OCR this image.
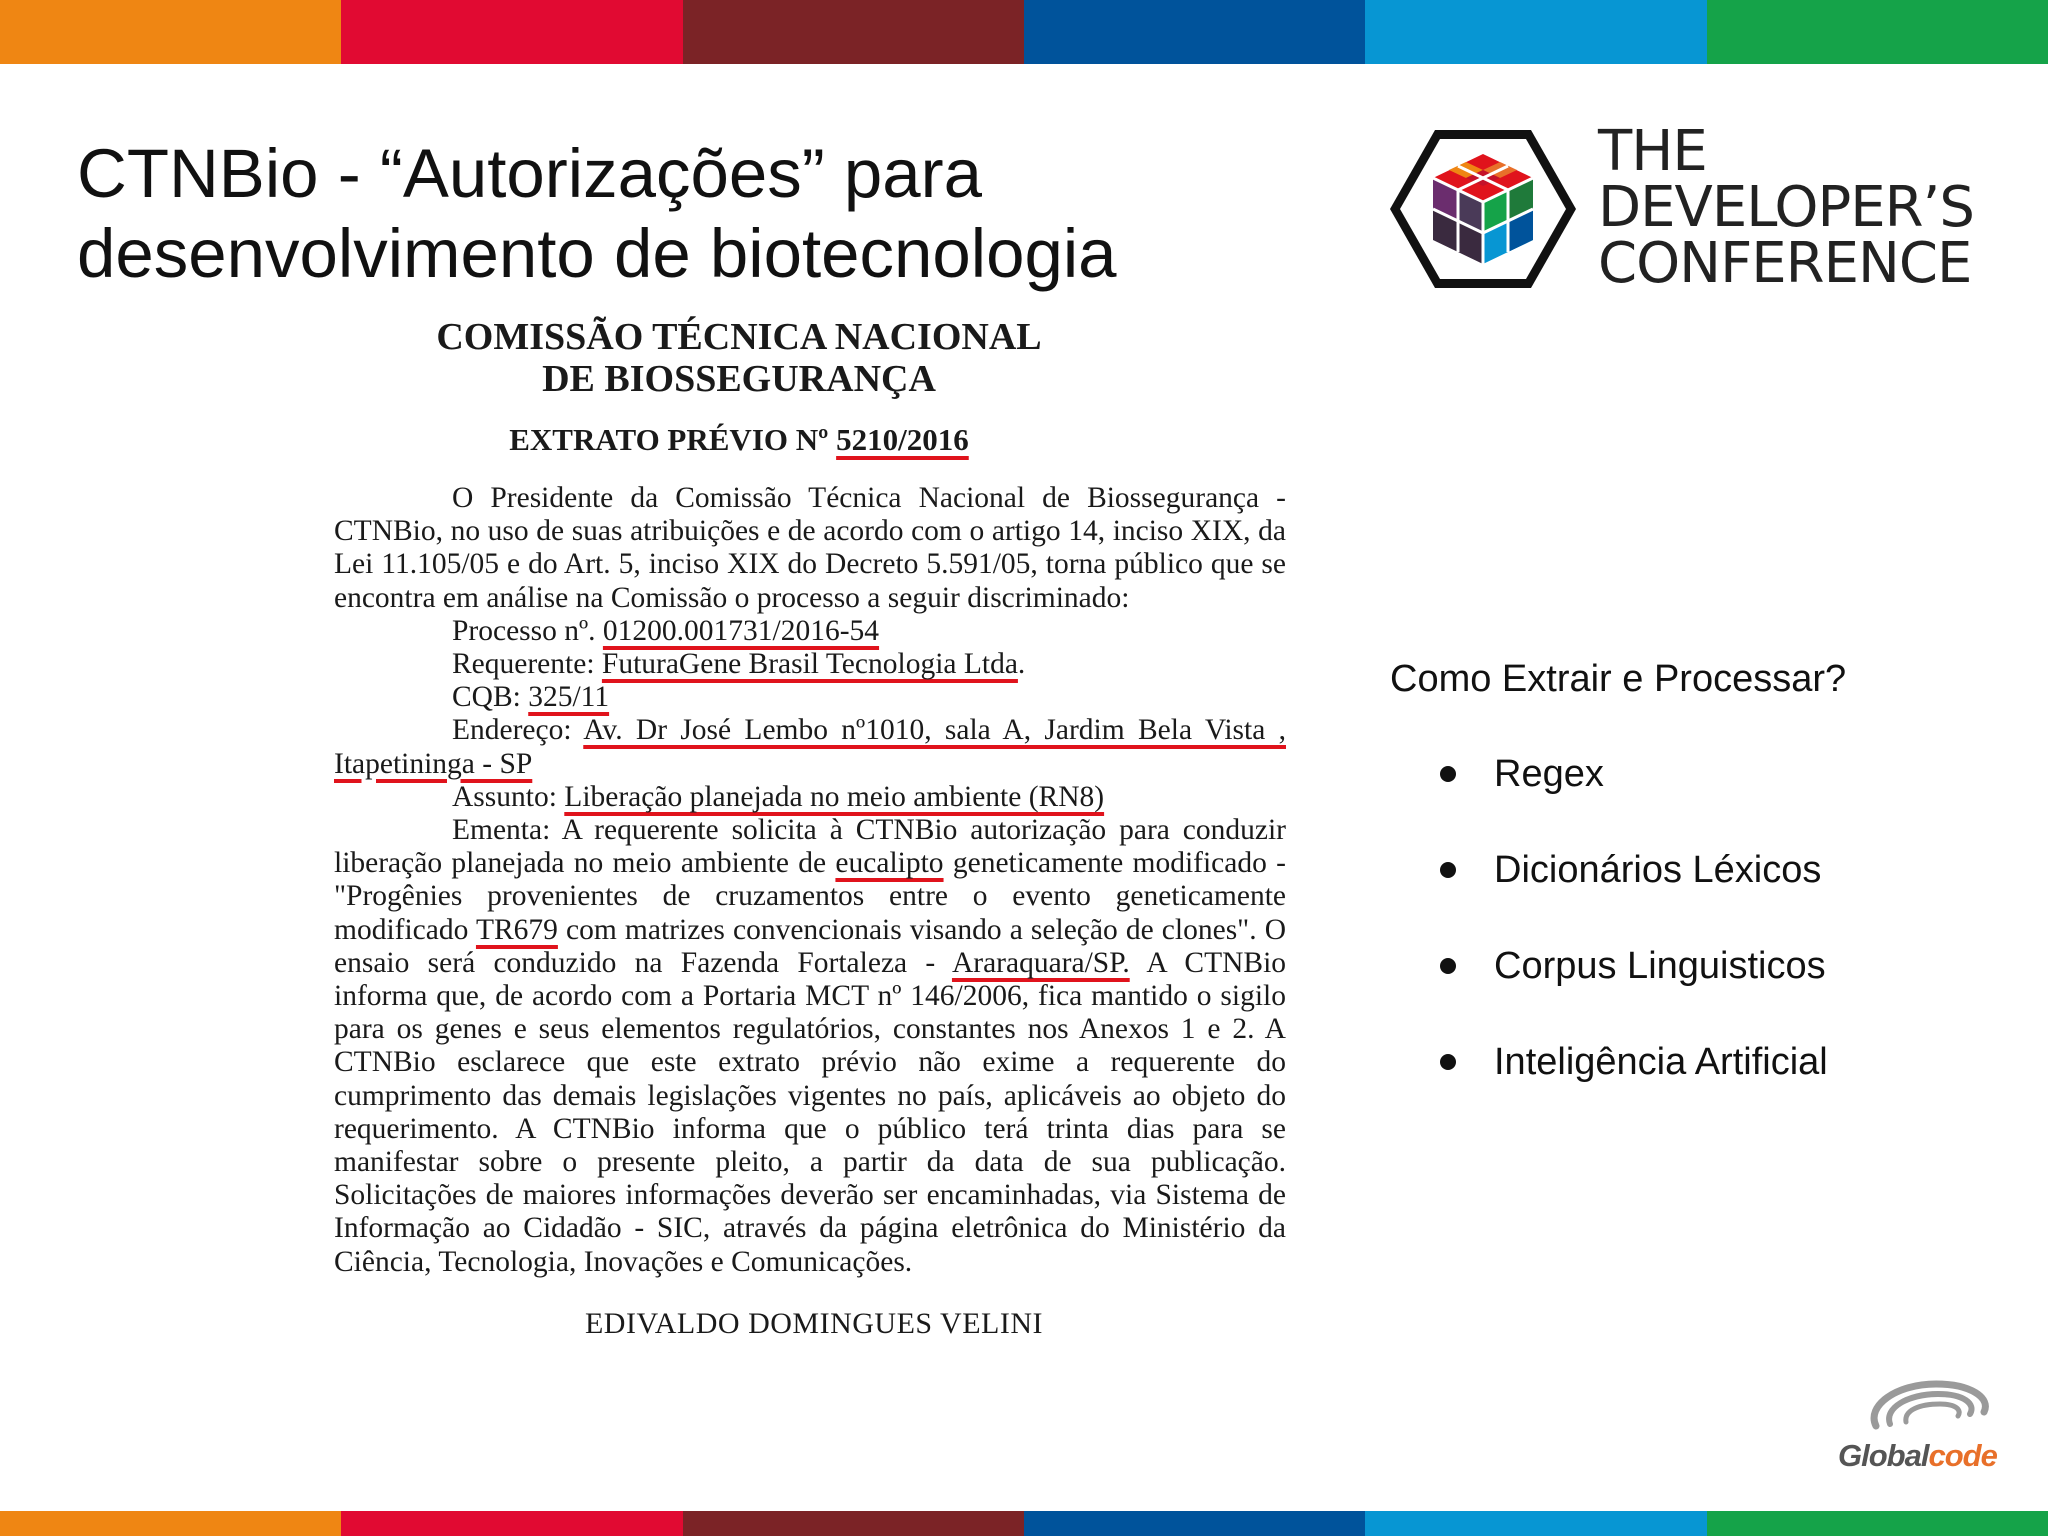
CTNBio - “Autorizações” para
desenvolvimento de biotecnologia
THE
DEVELOPER’S
CONFERENCE
COMISSÃO TÉCNICA NACIONAL
DE BIOSSEGURANÇA
EXTRATO PRÉVIO Nº 5210/2016

O Presidente da Comissão Técnica Nacional de Biossegurança - CTNBio, no uso de suas atribuições e de acordo com o artigo 14, inciso XIX, da Lei 11.105/05 e do Art. 5, inciso XIX do Decreto 5.591/05, torna público que se encontra em análise na Comissão o processo a seguir discriminado:

Processo nº. 01200.001731/2016-54

Requerente: FuturaGene Brasil Tecnologia Ltda.

CQB: 325/11

Endereço: Av. Dr José Lembo nº1010, sala A, Jardim Bela Vista , Itapetininga - SP

Assunto: Liberação planejada no meio ambiente (RN8)

Ementa: A requerente solicita à CTNBio autorização para conduzir liberação planejada no meio ambiente de eucalipto geneticamente modificado - "Progênies provenientes de cruzamentos entre o evento geneticamente modificado TR679 com matrizes convencionais visando a seleção de clones". O ensaio será conduzido na Fazenda Fortaleza - Araraquara/SP. A CTNBio informa que, de acordo com a Portaria MCT nº 146/2006, fica mantido o sigilo para os genes e seus elementos regulatórios, constantes nos Anexos 1 e 2. A CTNBio esclarece que este extrato prévio não exime a requerente do cumprimento das demais legislações vigentes no país, aplicáveis ao objeto do requerimento. A CTNBio informa que o público terá trinta dias para se manifestar sobre o presente pleito, a partir da data de sua publicação. Solicitações de maiores informações deverão ser encaminhadas, via Sistema de Informação ao Cidadão - SIC, através da página eletrônica do Ministério da Ciência, Tecnologia, Inovações e Comunicações.

EDIVALDO DOMINGUES VELINI
Como Extrair e Processar?
Regex
Dicionários Léxicos
Corpus Linguisticos
Inteligência Artificial
Globalcode
